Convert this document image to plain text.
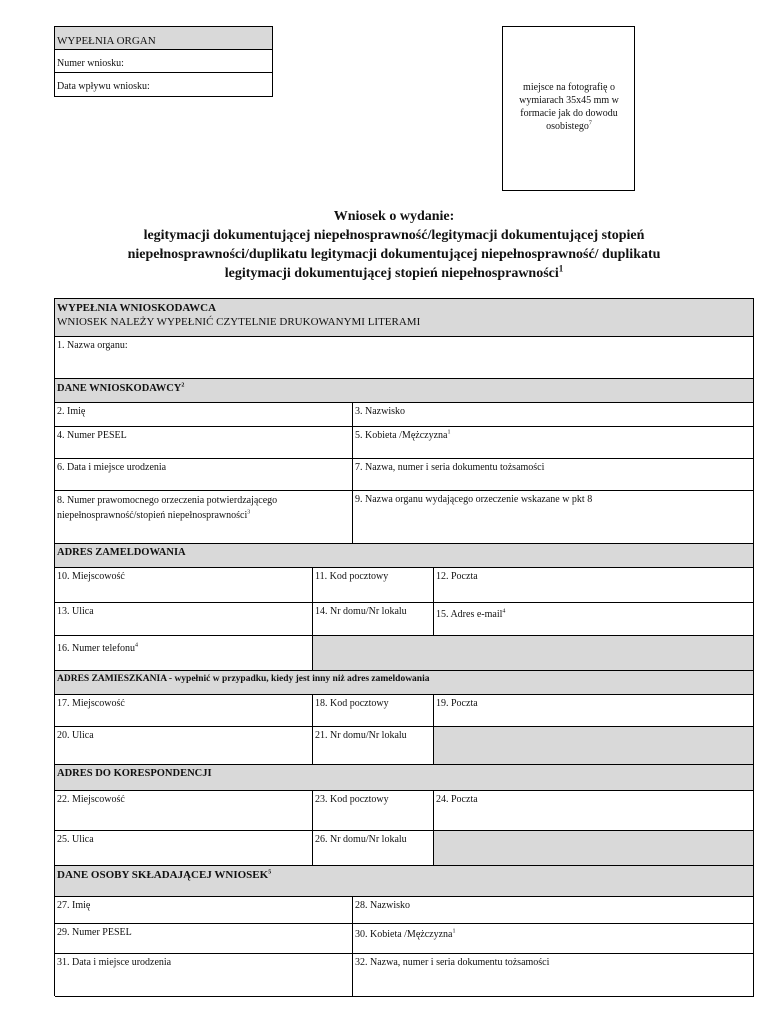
WYPEŁNIA ORGAN
Numer wniosku:
Data wpływu wniosku:	miejsce na fotografię o wymiarach 35x45 mm w formacie jak do dowodu osobistego$^7$
Wniosek o wydanie:
legitymacji dokumentującej niepełnosprawność/legitymacji dokumentującej stopień
niepełnosprawności/duplikatu legitymacji dokumentującej niepełnosprawność/ duplikatu
legitymacji dokumentującej stopień niepełnosprawności$^1$
WYPEŁNIA WNIOSKODAWCA
WNIOSEK NALEŻY WYPEŁNIĆ CZYTELNIE DRUKOWANYMI LITERAMI
1. Nazwa organu:
DANE WNIOSKODAWCY$^2$
2. Imię	3. Nazwisko
4. Numer PESEL	5. Kobieta /Mężczyzna$^1$
6. Data i miejsce urodzenia	7. Nazwa, numer i seria dokumentu tożsamości
8. Numer prawomocnego orzeczenia potwierdzającego niepełnosprawność/stopień niepełnosprawności$^3$
9. Nazwa organu wydającego orzeczenie wskazane w pkt 8
ADRES ZAMELDOWANIA
10. Miejscowość	11. Kod pocztowy	12. Poczta
13. Ulica	14. Nr domu/Nr lokalu	15. Adres e-mail$^4$
16. Numer telefonu$^4$
ADRES ZAMIESZKANIA - wypełnić w przypadku, kiedy jest inny niż adres zameldowania
17. Miejscowość	18. Kod pocztowy	19. Poczta
20. Ulica	21. Nr domu/Nr lokalu
ADRES DO KORESPONDENCJI
22. Miejscowość	23. Kod pocztowy	24. Poczta
25. Ulica	26. Nr domu/Nr lokalu
DANE OSOBY SKŁADAJĄCEJ WNIOSEK$^5$
27. Imię	28. Nazwisko
29. Numer PESEL	30. Kobieta /Mężczyzna$^1$
31. Data i miejsce urodzenia	32. Nazwa, numer i seria dokumentu tożsamości
